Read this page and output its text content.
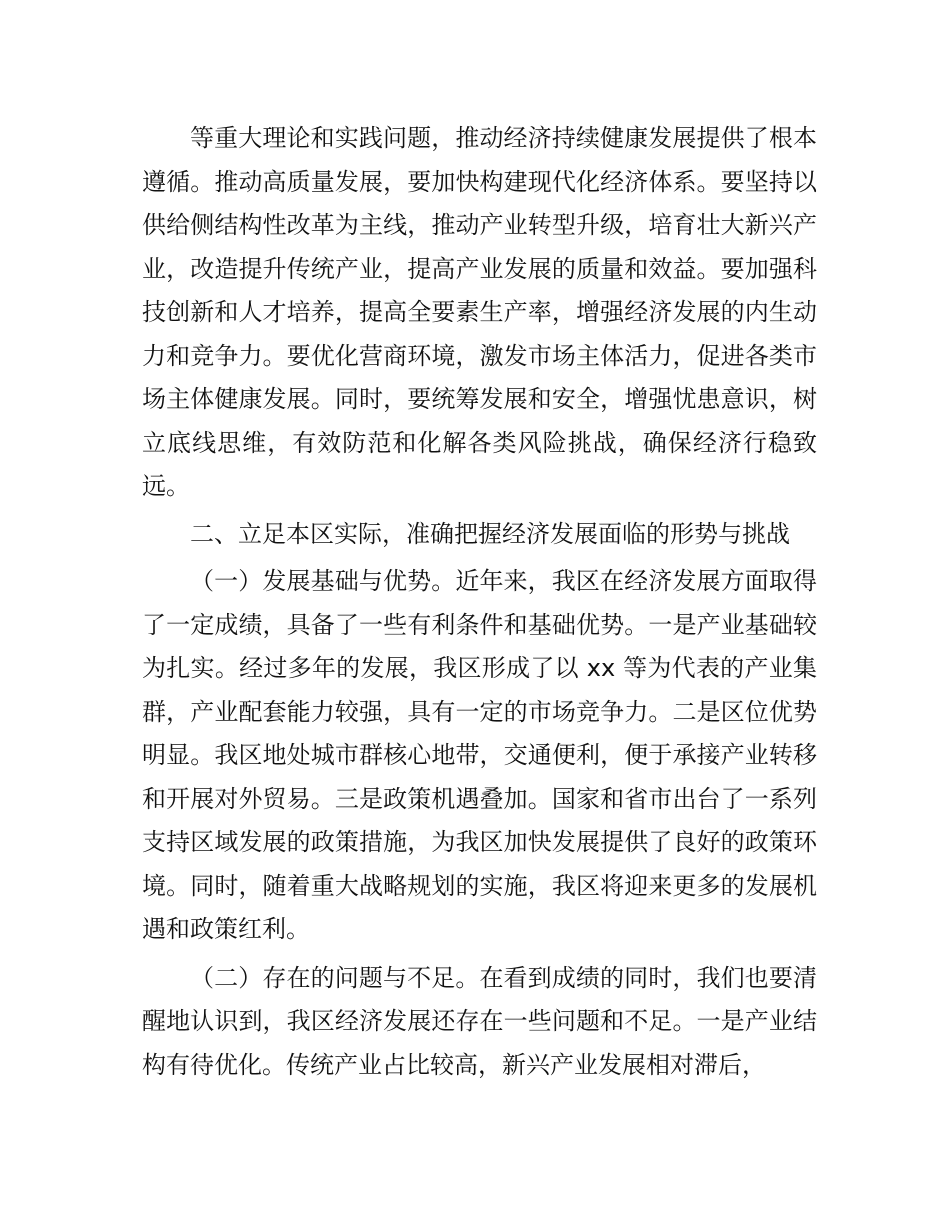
等重大理论和实践问题，推动经济持续健康发展提供了根本遵循。推动高质量发展，要加快构建现代化经济体系。要坚持以供给侧结构性改革为主线，推动产业转型升级，培育壮大新兴产业，改造提升传统产业，提高产业发展的质量和效益。要加强科技创新和人才培养，提高全要素生产率，增强经济发展的内生动力和竞争力。要优化营商环境，激发市场主体活力，促进各类市场主体健康发展。同时，要统筹发展和安全，增强忧患意识，树立底线思维，有效防范和化解各类风险挑战，确保经济行稳致远。

二、立足本区实际，准确把握经济发展面临的形势与挑战

（一）发展基础与优势。近年来，我区在经济发展方面取得了一定成绩，具备了一些有利条件和基础优势。一是产业基础较为扎实。经过多年的发展，我区形成了以 xx 等为代表的产业集群，产业配套能力较强，具有一定的市场竞争力。二是区位优势明显。我区地处城市群核心地带，交通便利，便于承接产业转移和开展对外贸易。三是政策机遇叠加。国家和省市出台了一系列支持区域发展的政策措施，为我区加快发展提供了良好的政策环境。同时，随着重大战略规划的实施，我区将迎来更多的发展机遇和政策红利。

（二）存在的问题与不足。在看到成绩的同时，我们也要清醒地认识到，我区经济发展还存在一些问题和不足。一是产业结构有待优化。传统产业占比较高，新兴产业发展相对滞后，
